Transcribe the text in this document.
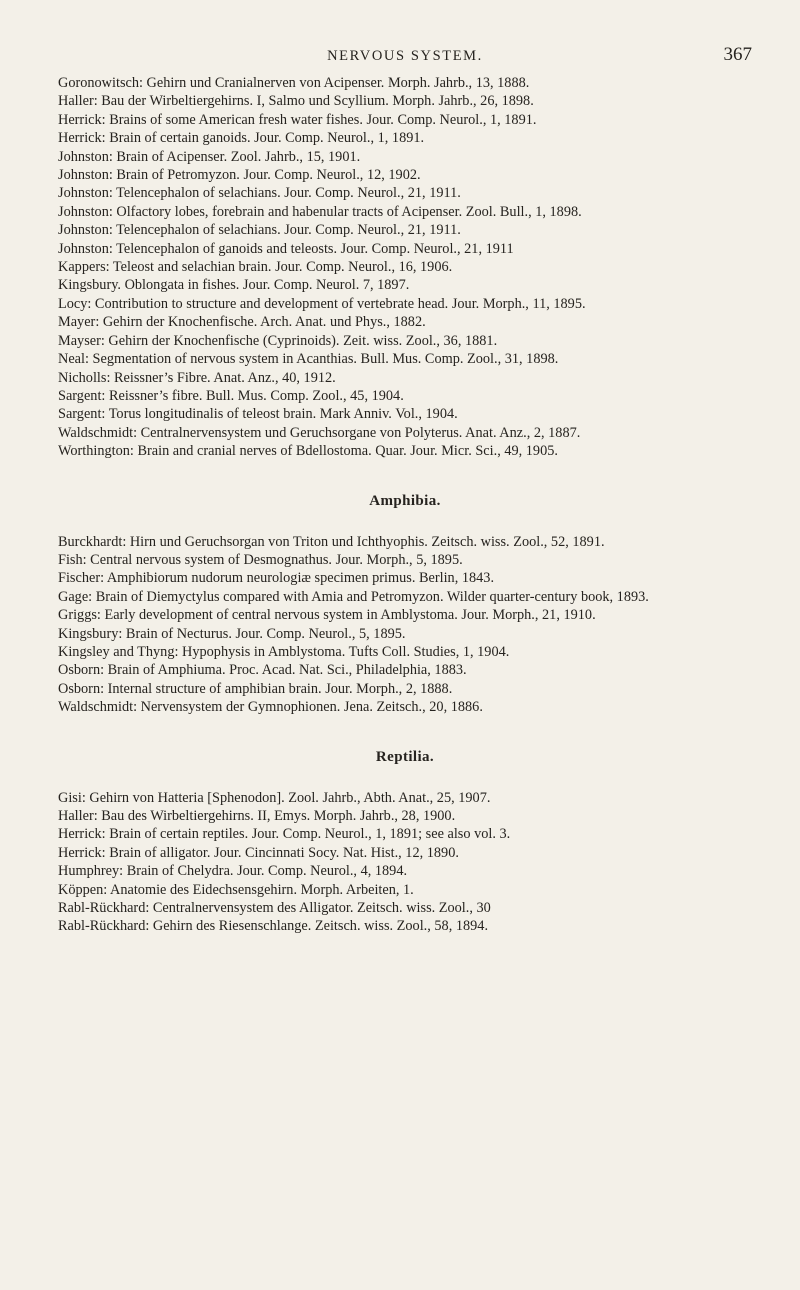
NERVOUS SYSTEM.	367
Goronowitsch: Gehirn und Cranialnerven von Acipenser. Morph. Jahrb., 13, 1888.
Haller: Bau der Wirbeltiergehirns. I, Salmo und Scyllium. Morph. Jahrb., 26, 1898.
Herrick: Brains of some American fresh water fishes. Jour. Comp. Neurol., 1, 1891.
Herrick: Brain of certain ganoids. Jour. Comp. Neurol., 1, 1891.
Johnston: Brain of Acipenser. Zool. Jahrb., 15, 1901.
Johnston: Brain of Petromyzon. Jour. Comp. Neurol., 12, 1902.
Johnston: Telencephalon of selachians. Jour. Comp. Neurol., 21, 1911.
Johnston: Olfactory lobes, forebrain and habenular tracts of Acipenser. Zool. Bull., 1, 1898.
Johnston: Telencephalon of selachians. Jour. Comp. Neurol., 21, 1911.
Johnston: Telencephalon of ganoids and teleosts. Jour. Comp. Neurol., 21, 1911
Kappers: Teleost and selachian brain. Jour. Comp. Neurol., 16, 1906.
Kingsbury. Oblongata in fishes. Jour. Comp. Neurol. 7, 1897.
Locy: Contribution to structure and development of vertebrate head. Jour. Morph., 11, 1895.
Mayer: Gehirn der Knochenfische. Arch. Anat. und Phys., 1882.
Mayser: Gehirn der Knochenfische (Cyprinoids). Zeit. wiss. Zool., 36, 1881.
Neal: Segmentation of nervous system in Acanthias. Bull. Mus. Comp. Zool., 31, 1898.
Nicholls: Reissner’s Fibre. Anat. Anz., 40, 1912.
Sargent: Reissner’s fibre. Bull. Mus. Comp. Zool., 45, 1904.
Sargent: Torus longitudinalis of teleost brain. Mark Anniv. Vol., 1904.
Waldschmidt: Centralnervensystem und Geruchsorgane von Polyterus. Anat. Anz., 2, 1887.
Worthington: Brain and cranial nerves of Bdellostoma. Quar. Jour. Micr. Sci., 49, 1905.
Amphibia.
Burckhardt: Hirn und Geruchsorgan von Triton und Ichthyophis. Zeitsch. wiss. Zool., 52, 1891.
Fish: Central nervous system of Desmognathus. Jour. Morph., 5, 1895.
Fischer: Amphibiorum nudorum neurologiæ specimen primus. Berlin, 1843.
Gage: Brain of Diemyctylus compared with Amia and Petromyzon. Wilder quarter-century book, 1893.
Griggs: Early development of central nervous system in Amblystoma. Jour. Morph., 21, 1910.
Kingsbury: Brain of Necturus. Jour. Comp. Neurol., 5, 1895.
Kingsley and Thyng: Hypophysis in Amblystoma. Tufts Coll. Studies, 1, 1904.
Osborn: Brain of Amphiuma. Proc. Acad. Nat. Sci., Philadelphia, 1883.
Osborn: Internal structure of amphibian brain. Jour. Morph., 2, 1888.
Waldschmidt: Nervensystem der Gymnophionen. Jena. Zeitsch., 20, 1886.
Reptilia.
Gisi: Gehirn von Hatteria [Sphenodon]. Zool. Jahrb., Abth. Anat., 25, 1907.
Haller: Bau des Wirbeltiergehirns. II, Emys. Morph. Jahrb., 28, 1900.
Herrick: Brain of certain reptiles. Jour. Comp. Neurol., 1, 1891; see also vol. 3.
Herrick: Brain of alligator. Jour. Cincinnati Socy. Nat. Hist., 12, 1890.
Humphrey: Brain of Chelydra. Jour. Comp. Neurol., 4, 1894.
Köppen: Anatomie des Eidechsensgehirn. Morph. Arbeiten, 1.
Rabl-Rückhard: Centralnervensystem des Alligator. Zeitsch. wiss. Zool., 30
Rabl-Rückhard: Gehirn des Riesenschlange. Zeitsch. wiss. Zool., 58, 1894.
